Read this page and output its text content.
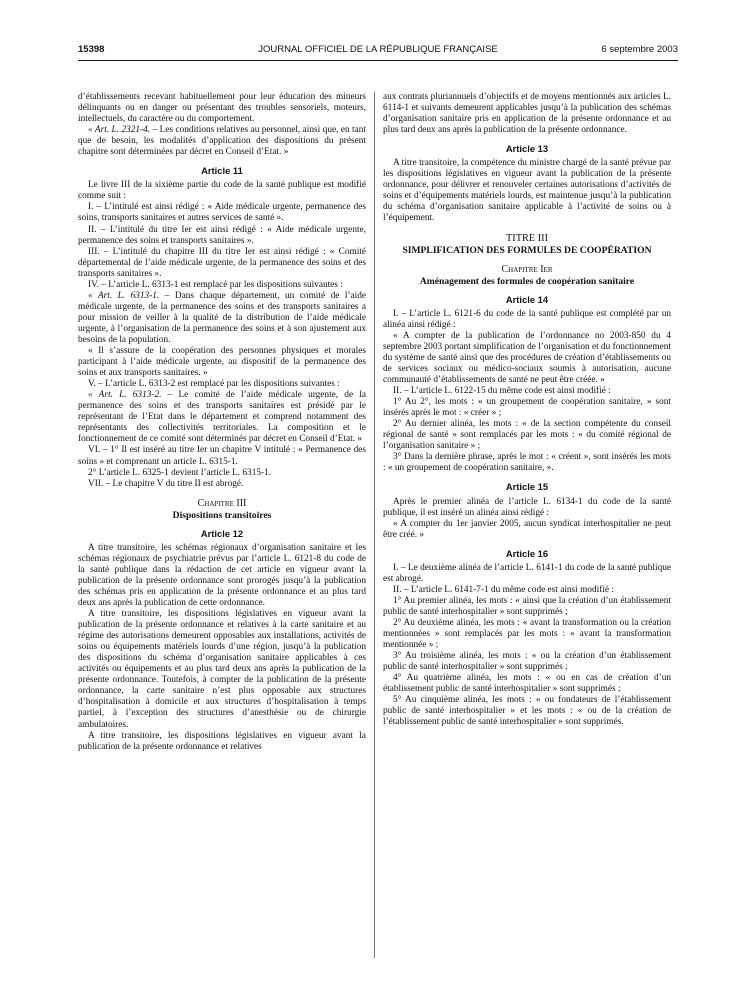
15398	JOURNAL OFFICIEL DE LA RÉPUBLIQUE FRANÇAISE	6 septembre 2003

d’établissements recevant habituellement pour leur éducation des mineurs délinquants ou en danger ou présentant des troubles sensoriels, moteurs, intellectuels, du caractère ou du comportement.

« Art. L. 2321-4. – Les conditions relatives au personnel, ainsi que, en tant que de besoin, les modalités d’application des dispositions du présent chapitre sont déterminées par décret en Conseil d’Etat. »

Article 11

Le livre III de la sixième partie du code de la santé publique est modifié comme suit :

I. – L’intitulé est ainsi rédigé : « Aide médicale urgente, permanence des soins, transports sanitaires et autres services de santé ».

II. – L’intitulé du titre Ier est ainsi rédigé : « Aide médicale urgente, permanence des soins et transports sanitaires ».

III. – L’intitulé du chapitre III du titre Ier est ainsi rédigé : « Comité départemental de l’aide médicale urgente, de la permanence des soins et des transports sanitaires ».

IV. – L’article L. 6313-1 est remplacé par les dispositions suivantes :

« Art. L. 6313-1. – Dans chaque département, un comité de l’aide médicale urgente, de la permanence des soins et des transports sanitaires a pour mission de veiller à la qualité de la distribution de l’aide médicale urgente, à l’organisation de la permanence des soins et à son ajustement aux besoins de la population.

« Il s’assure de la coopération des personnes physiques et morales participant à l’aide médicale urgente, au dispositif de la permanence des soins et aux transports sanitaires. »

V. – L’article L. 6313-2 est remplacé par les dispositions suivantes :

« Art. L. 6313-2. – Le comité de l’aide médicale urgente, de la permanence des soins et des transports sanitaires est présidé par le représentant de l’Etat dans le département et comprend notamment des représentants des collectivités territoriales. La composition et le fonctionnement de ce comité sont déterminés par décret en Conseil d’Etat. »

VI. – 1° Il est inséré au titre Ier un chapitre V intitulé : « Permanence des soins » et comprenant un article L. 6315-1.

2° L’article L. 6325-1 devient l’article L. 6315-1.

VII. – Le chapitre V du titre II est abrogé.

Chapitre III
Dispositions transitoires
Article 12

A titre transitoire, les schémas régionaux d’organisation sanitaire et les schémas régionaux de psychiatrie prévus par l’article L. 6121-8 du code de la santé publique dans la rédaction de cet article en vigueur avant la publication de la présente ordonnance sont prorogés jusqu’à la publication des schémas pris en application de la présente ordonnance et au plus tard deux ans après la publication de cette ordonnance.

A titre transitoire, les dispositions législatives en vigueur avant la publication de la présente ordonnance et relatives à la carte sanitaire et au régime des autorisations demeurent opposables aux installations, activités de soins ou équipements matériels lourds d’une région, jusqu’à la publication des dispositions du schéma d’organisation sanitaire applicables à ces activités ou équipements et au plus tard deux ans après la publication de la présente ordonnance. Toutefois, à compter de la publication de la présente ordonnance, la carte sanitaire n’est plus opposable aux structures d’hospitalisation à domicile et aux structures d’hospitalisation à temps partiel, à l’exception des structures d’anesthésie ou de chirurgie ambulatoires.

A titre transitoire, les dispositions législatives en vigueur avant la publication de la présente ordonnance et relatives

aux contrats pluriannuels d’objectifs et de moyens mentionnés aux articles L. 6114-1 et suivants demeurent applicables jusqu’à la publication des schémas d’organisation sanitaire pris en application de la présente ordonnance et au plus tard deux ans après la publication de la présente ordonnance.

Article 13

A titre transitoire, la compétence du ministre chargé de la santé prévue par les dispositions législatives en vigueur avant la publication de la présente ordonnance, pour délivrer et renouveler certaines autorisations d’activités de soins et d’équipements matériels lourds, est maintenue jusqu’à la publication du schéma d’organisation sanitaire applicable à l’activité de soins ou à l’équipement.

TITRE III
SIMPLIFICATION DES FORMULES DE COOPÉRATION
Chapitre Ier
Aménagement des formules de coopération sanitaire
Article 14

I. – L’article L. 6121-6 du code de la santé publique est complété par un alinéa ainsi rédigé :

« A compter de la publication de l’ordonnance no 2003-850 du 4 septembre 2003 portant simplification de l’organisation et du fonctionnement du système de santé ainsi que des procédures de création d’établissements ou de services sociaux ou médico-sociaux soumis à autorisation, aucune communauté d’établissements de santé ne peut être créée. »

II. – L’article L. 6122-15 du même code est ainsi modifié :

1° Au 2°, les mots : « un groupement de coopération sanitaire, » sont insérés après le mot : « créer » ;

2° Au dernier alinéa, les mots : « de la section compétente du conseil régional de santé » sont remplacés par les mots : « du comité régional de l’organisation sanitaire » ;

3° Dans la dernière phrase, après le mot : « créent », sont insérés les mots : « un groupement de coopération sanitaire, ».

Article 15

Après le premier alinéa de l’article L. 6134-1 du code de la santé publique, il est inséré un alinéa ainsi rédigé :

« A compter du 1er janvier 2005, aucun syndicat interhospitalier ne peut être créé. »

Article 16

I. – Le deuxième alinéa de l’article L. 6141-1 du code de la santé publique est abrogé.

II. – L’article L. 6141-7-1 du même code est ainsi modifié :

1° Au premier alinéa, les mots : « ainsi que la création d’un établissement public de santé interhospitalier » sont supprimés ;

2° Au deuxième alinéa, les mots : « avant la transformation ou la création mentionnées » sont remplacés par les mots : « avant la transformation mentionnée » ;

3° Au troisième alinéa, les mots : « ou la création d’un établissement public de santé interhospitalier » sont supprimés ;

4° Au quatrième alinéa, les mots : « ou en cas de création d’un établissement public de santé interhospitalier » sont supprimés ;

5° Au cinquième alinéa, les mots : « ou fondateurs de l’établissement public de santé interhospitalier » et les mots : « ou de la création de l’établissement public de santé interhospitalier » sont supprimés.
